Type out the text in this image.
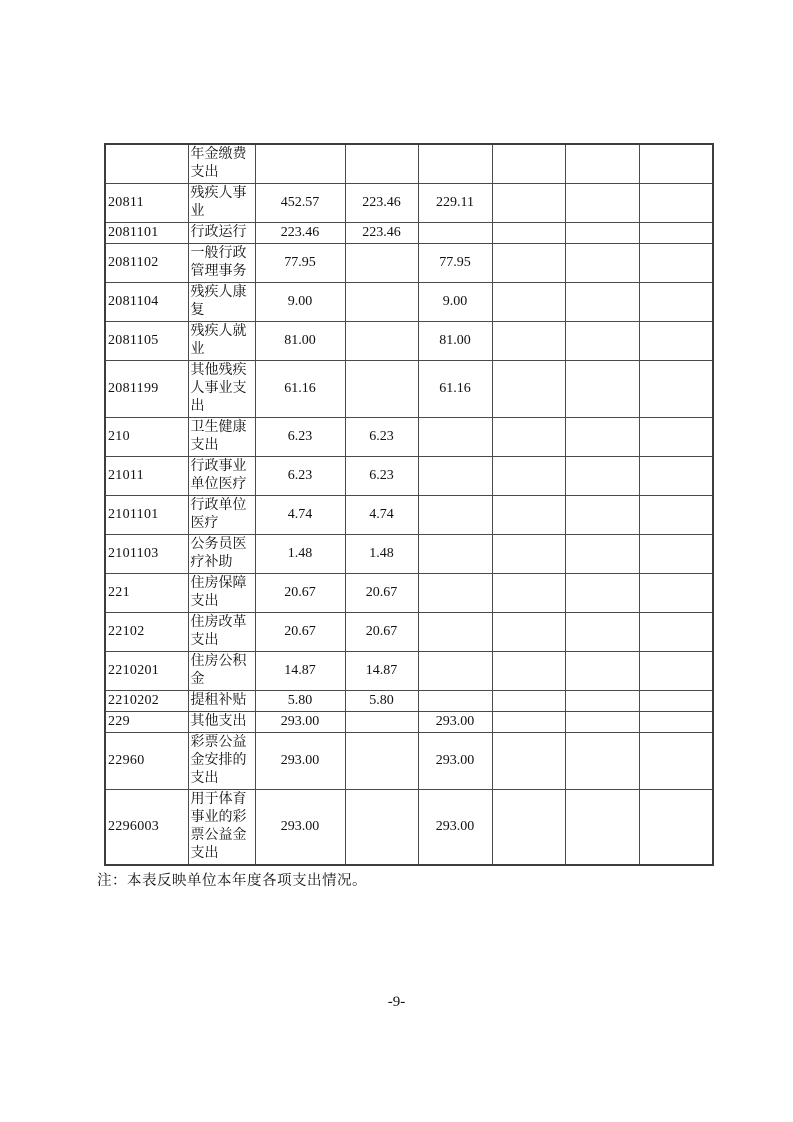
	年金缴费支出						
20811	残疾人事业	452.57	223.46	229.11			
2081101	行政运行	223.46	223.46				
2081102	一般行政管理事务	77.95		77.95			
2081104	残疾人康复	9.00		9.00			
2081105	残疾人就业	81.00		81.00			
2081199	其他残疾人事业支出	61.16		61.16			
210	卫生健康支出	6.23	6.23				
21011	行政事业单位医疗	6.23	6.23				
2101101	行政单位医疗	4.74	4.74				
2101103	公务员医疗补助	1.48	1.48				
221	住房保障支出	20.67	20.67				
22102	住房改革支出	20.67	20.67				
2210201	住房公积金	14.87	14.87				
2210202	提租补贴	5.80	5.80				
229	其他支出	293.00		293.00			
22960	彩票公益金安排的支出	293.00		293.00			
2296003	用于体育事业的彩票公益金支出	293.00		293.00			
注：本表反映单位本年度各项支出情况。
-9-
